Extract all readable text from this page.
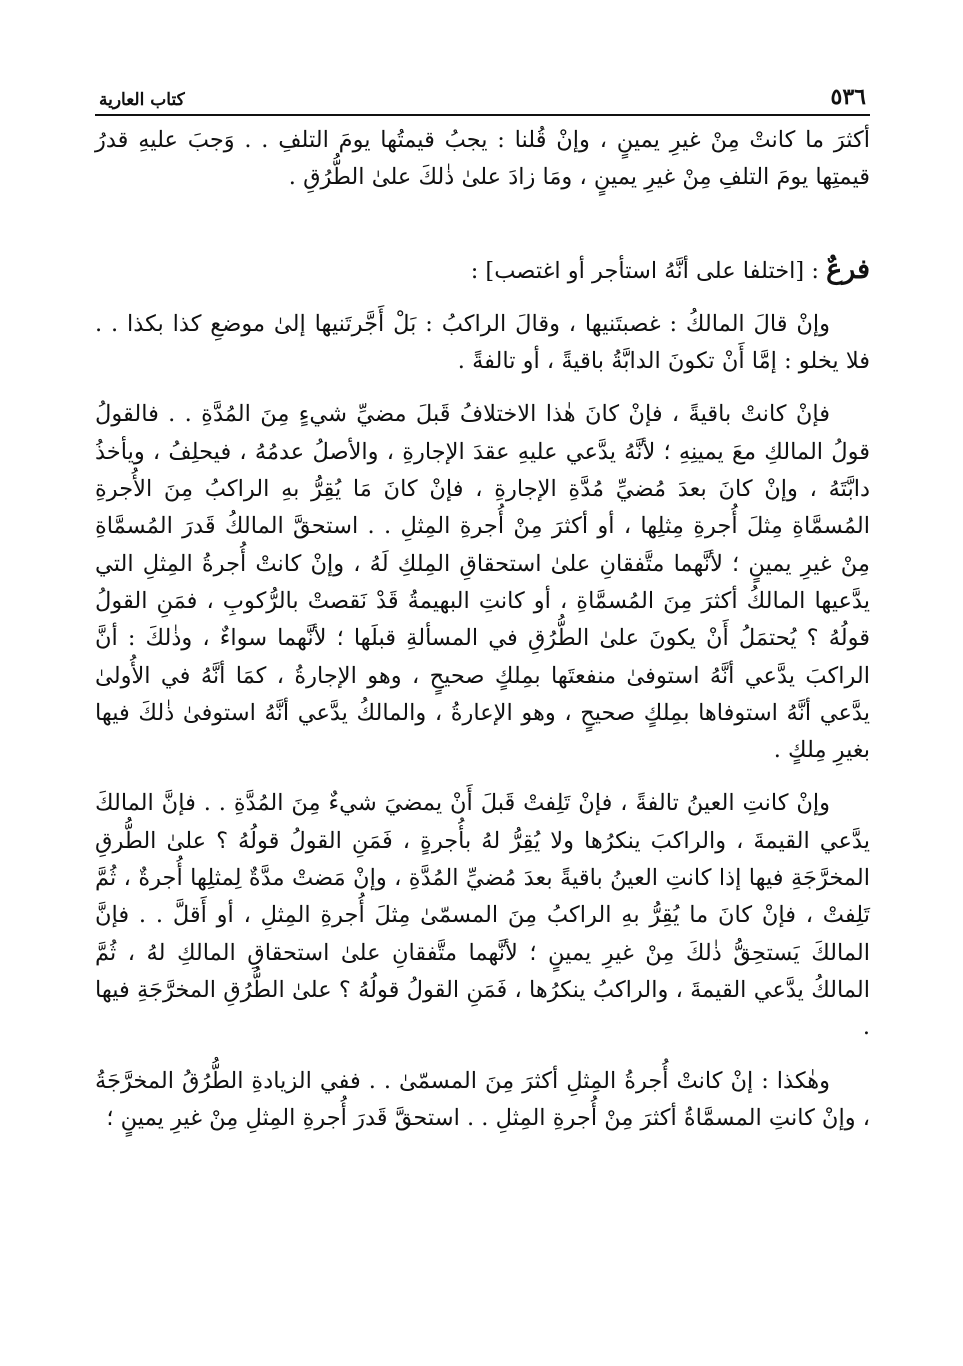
٥٣٦
كتاب العارية

أكثرَ ما كانتْ مِنْ غيرِ يمينٍ ، وإنْ قُلنا : يجبُ قيمتُها يومَ التلفِ . . وَجبَ عليهِ قدرُ قيمتِها يومَ التلفِ مِنْ غيرِ يمينٍ ، ومَا زادَ علىٰ ذٰلكَ علىٰ الطُّرُقِ .

فرعٌ : [اختلفا على أنَّهُ استأجر أو اغتصب] :

وإنْ قالَ المالكُ : غصبتَنيها ، وقالَ الراكبُ : بَلْ أَجَّرتَنيها إلىٰ موضعِ كذا بكذا . . فلا يخلو : إمَّا أَنْ تكونَ الدابَّةُ باقيةً ، أو تالفةً .

فإنْ كانتْ باقيةً ، فإنْ كانَ هٰذا الاختلافُ قَبلَ مضيِّ شيءٍ مِنَ المُدَّةِ . . فالقولُ قولُ المالكِ معَ يمينِهِ ؛ لأنَّهُ يدَّعي عليهِ عقدَ الإجارةِ ، والأصلُ عدمُهُ ، فيحلِفُ ، ويأخذُ دابَّتَهُ ، وإنْ كانَ بعدَ مُضيِّ مُدَّةِ الإجارةِ ، فإنْ كانَ مَا يُقِرُّ بهِ الراكبُ مِنَ الأُجرةِ المُسمَّاةِ مِثلَ أُجرةِ مِثلِها ، أو أكثرَ مِنْ أُجرةِ المِثلِ . . استحقَّ المالكُ قَدرَ المُسمَّاةِ مِنْ غيرِ يمينٍ ؛ لأنَّهما متَّفقانِ علىٰ استحقاقِ المِلكِ لَهُ ، وإنْ كانتْ أُجرةُ المِثلِ التي يدَّعيها المالكُ أكثرَ مِنَ المُسمَّاةِ ، أو كانتِ البهيمةُ قَدْ نَقصتْ بالرُّكوبِ ، فمَنِ القولُ قولُهُ ؟ يُحتمَلُ أَنْ يكونَ علىٰ الطُّرُقِ في المسألةِ قبلَها ؛ لأنَّهما سواءٌ ، وذٰلكَ : أنَّ الراكبَ يدَّعي أنَّهُ استوفىٰ منفعتَها بمِلكٍ صحيحٍ ، وهو الإجارةُ ، كمَا أنَّهُ في الأُولىٰ يدَّعي أنَّهُ استوفاها بمِلكٍ صحيحٍ ، وهو الإعارةُ ، والمالكُ يدَّعي أنَّهُ استوفىٰ ذٰلكَ فيها بغيرِ مِلكٍ .

وإنْ كانتِ العينُ تالفةً ، فإنْ تَلِفتْ قَبلَ أَنْ يمضيَ شيءٌ مِنَ المُدَّةِ . . فإنَّ المالكَ يدَّعي القيمةَ ، والراكبَ ينكرُها ولا يُقِرُّ لهُ بأُجرةٍ ، فَمَنِ القولُ قولُهُ ؟ علىٰ الطُّرقِ المخرَّجَةِ فيها إذا كانتِ العينُ باقيةً بعدَ مُضيِّ المُدَّةِ ، وإنْ مَضتْ مدَّةٌ لِمثلِها أُجرةٌ ، ثُمَّ تَلِفتْ ، فإنْ كانَ ما يُقِرُّ بهِ الراكبُ مِنَ المسمّىٰ مِثلَ أُجرةِ المِثلِ ، أو أَقلَّ . . فإنَّ المالكَ يَستحِقُّ ذٰلكَ مِنْ غيرِ يمينٍ ؛ لأنَّهما متَّفقانِ علىٰ استحقاقِ المالكِ لهُ ، ثُمَّ المالكُ يدَّعي القيمةَ ، والراكبُ ينكرُها ، فَمَنِ القولُ قولُهُ ؟ علىٰ الطُّرُقِ المخرَّجَةِ فيها .

وهٰكذا : إنْ كانتْ أُجرةُ المِثلِ أكثرَ مِنَ المسمّىٰ . . ففي الزيادةِ الطُّرُقُ المخرَّجَةُ ، وإنْ كانتِ المسمَّاةُ أكثرَ مِنْ أُجرةِ المِثلِ . . استحقَّ قَدرَ أُجرةِ المِثلِ مِنْ غيرِ يمينٍ ؛
